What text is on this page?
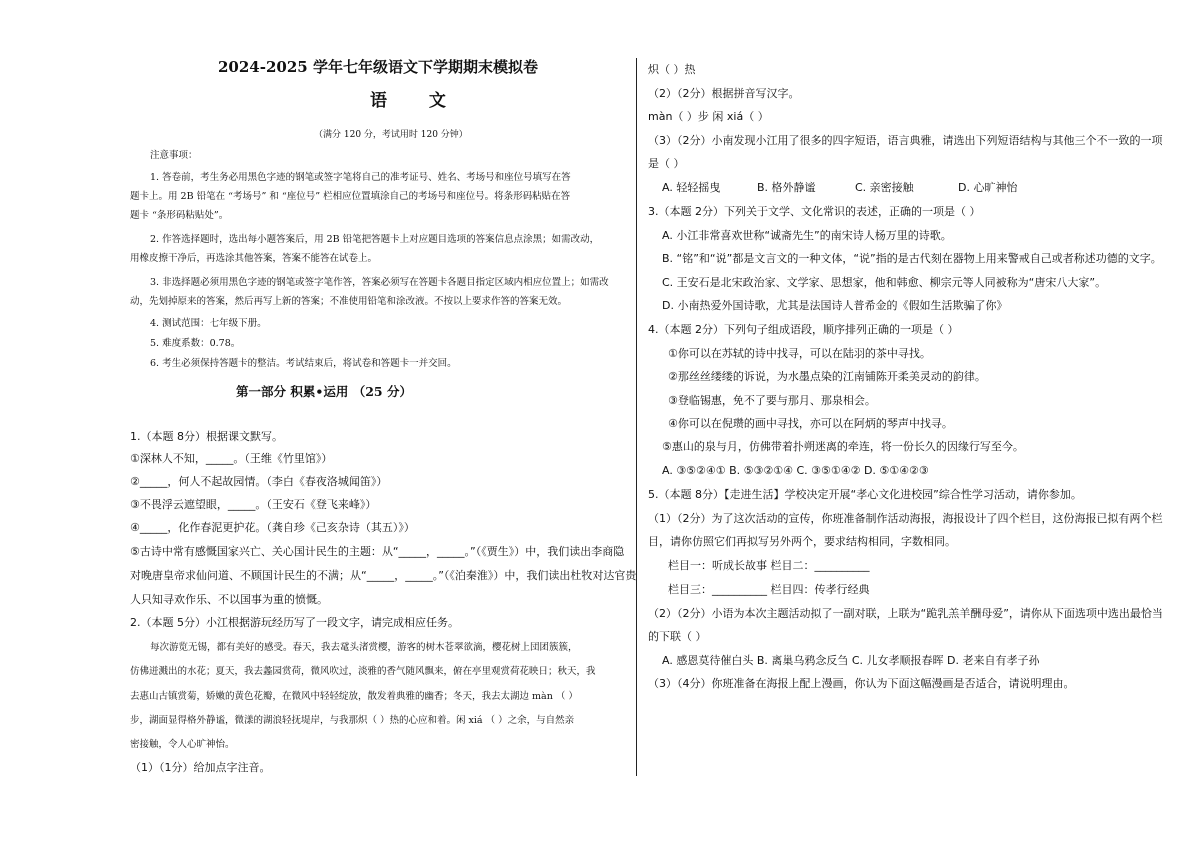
2024-2025 学年七年级语文下学期期末模拟卷
语 文
（满分 120 分，考试用时 120 分钟）
注意事项：
1. 答卷前，考生务必用黑色字迹的钢笔或签字笔将自己的准考证号、姓名、考场号和座位号填写在答
题卡上。用 2B 铅笔在 “考场号” 和 “座位号” 栏相应位置填涂自己的考场号和座位号。将条形码粘贴在答
题卡 “条形码粘贴处”。
2. 作答选择题时，选出每小题答案后，用 2B 铅笔把答题卡上对应题目选项的答案信息点涂黑；如需改动，
用橡皮擦干净后，再选涂其他答案，答案不能答在试卷上。
3. 非选择题必须用黑色字迹的钢笔或签字笔作答，答案必须写在答题卡各题目指定区域内相应位置上；如需改
动，先划掉原来的答案，然后再写上新的答案；不准使用铅笔和涂改液。不按以上要求作答的答案无效。
4. 测试范围：七年级下册。
5. 难度系数：0.78。
6. 考生必须保持答题卡的整洁。考试结束后，将试卷和答题卡一并交回。
第一部分 积累•运用 （25 分）
1.（本题 8分）根据课文默写。
①深林人不知，_____。（王维《竹里馆》）
②_____，何人不起故园情。（李白《春夜洛城闻笛》）
③不畏浮云遮望眼，_____。（王安石《登飞来峰》）
④_____，化作春泥更护花。（龚自珍《己亥杂诗（其五）》）
⑤古诗中常有感慨国家兴亡、关心国计民生的主题：从“_____，_____。”（《贾生》）中，我们读出李商隐
对晚唐皇帝求仙问道、不顾国计民生的不满；从“_____，_____。”（《泊秦淮》）中，我们读出杜牧对达官贵
人只知寻欢作乐、不以国事为重的愤慨。
2.（本题 5分）小江根据游玩经历写了一段文字，请完成相应任务。
每次游览无锡，都有美好的感受。春天，我去鼋头渚赏樱，游客的树木苍翠欲滴，樱花树上団团簇簇，
仿佛迸溅出的水花；夏天，我去蠡园赏荷，微风吹过，淡雅的香气随风飘来，俯在亭里观赏荷花映日；秋天，我
去惠山古镇赏菊，娇嫩的黄色花瓣，在微风中轻轻绽放，散发着典雅的幽香；冬天，我去太湖边 màn （ ）
步，湖面显得格外静谧，微漾的湖浪轻抚堤岸，与我那炽（ ）热的心应和着。闲 xiá （ ）之余，与自然亲
密接触，令人心旷神怡。
（1）（1分）给加点字注音。
炽（ ）热
（2）（2分）根据拼音写汉字。
màn（ ）步 闲 xiá（ ）
（3）（2分）小南发现小江用了很多的四字短语，语言典雅，请选出下列短语结构与其他三个不一致的一项
是（ ）
A. 轻轻摇曳	B. 格外静谧	C. 亲密接触	D. 心旷神怡
3.（本题 2分）下列关于文学、文化常识的表述，正确的一项是（ ）
A. 小江非常喜欢世称“诚斋先生”的南宋诗人杨万里的诗歌。
B. “铭”和“说”都是文言文的一种文体，“说”指的是古代刻在器物上用来警戒自己或者称述功德的文字。
C. 王安石是北宋政治家、文学家、思想家，他和韩愈、柳宗元等人同被称为“唐宋八大家”。
D. 小南热爱外国诗歌，尤其是法国诗人普希金的《假如生活欺骗了你》
4.（本题 2分）下列句子组成语段，顺序排列正确的一项是（ ）
①你可以在苏轼的诗中找寻，可以在陆羽的茶中寻找。
②那丝丝缕缕的诉说，为水墨点染的江南铺陈开柔美灵动的韵律。
③登临锡惠，免不了要与那月、那泉相会。
④你可以在倪瓒的画中寻找，亦可以在阿炳的琴声中找寻。
⑤惠山的泉与月，仿佛带着扑朔迷离的牵连，将一份长久的因缘行写至今。
A. ③⑤②④① B. ⑤③②①④ C. ③⑤①④② D. ⑤①④②③
5.（本题 8分）【走进生活】学校决定开展“孝心文化进校园”综合性学习活动，请你参加。
（1）（2分）为了这次活动的宣传，你班准备制作活动海报，海报设计了四个栏目，这份海报已拟有两个栏
目，请你仿照它们再拟写另外两个，要求结构相同，字数相同。
栏目一：听成长故事 栏目二：__________
栏目三：__________ 栏目四：传孝行经典
（2）（2分）小语为本次主题活动拟了一副对联，上联为“跪乳羔羊酬母爱”，请你从下面选项中选出最恰当
的下联（ ）
A. 感恩莫待催白头 B. 离巢乌鸦念反刍 C. 儿女孝顺报春晖 D. 老来自有孝子孙
（3）（4分）你班准备在海报上配上漫画，你认为下面这幅漫画是否适合，请说明理由。
